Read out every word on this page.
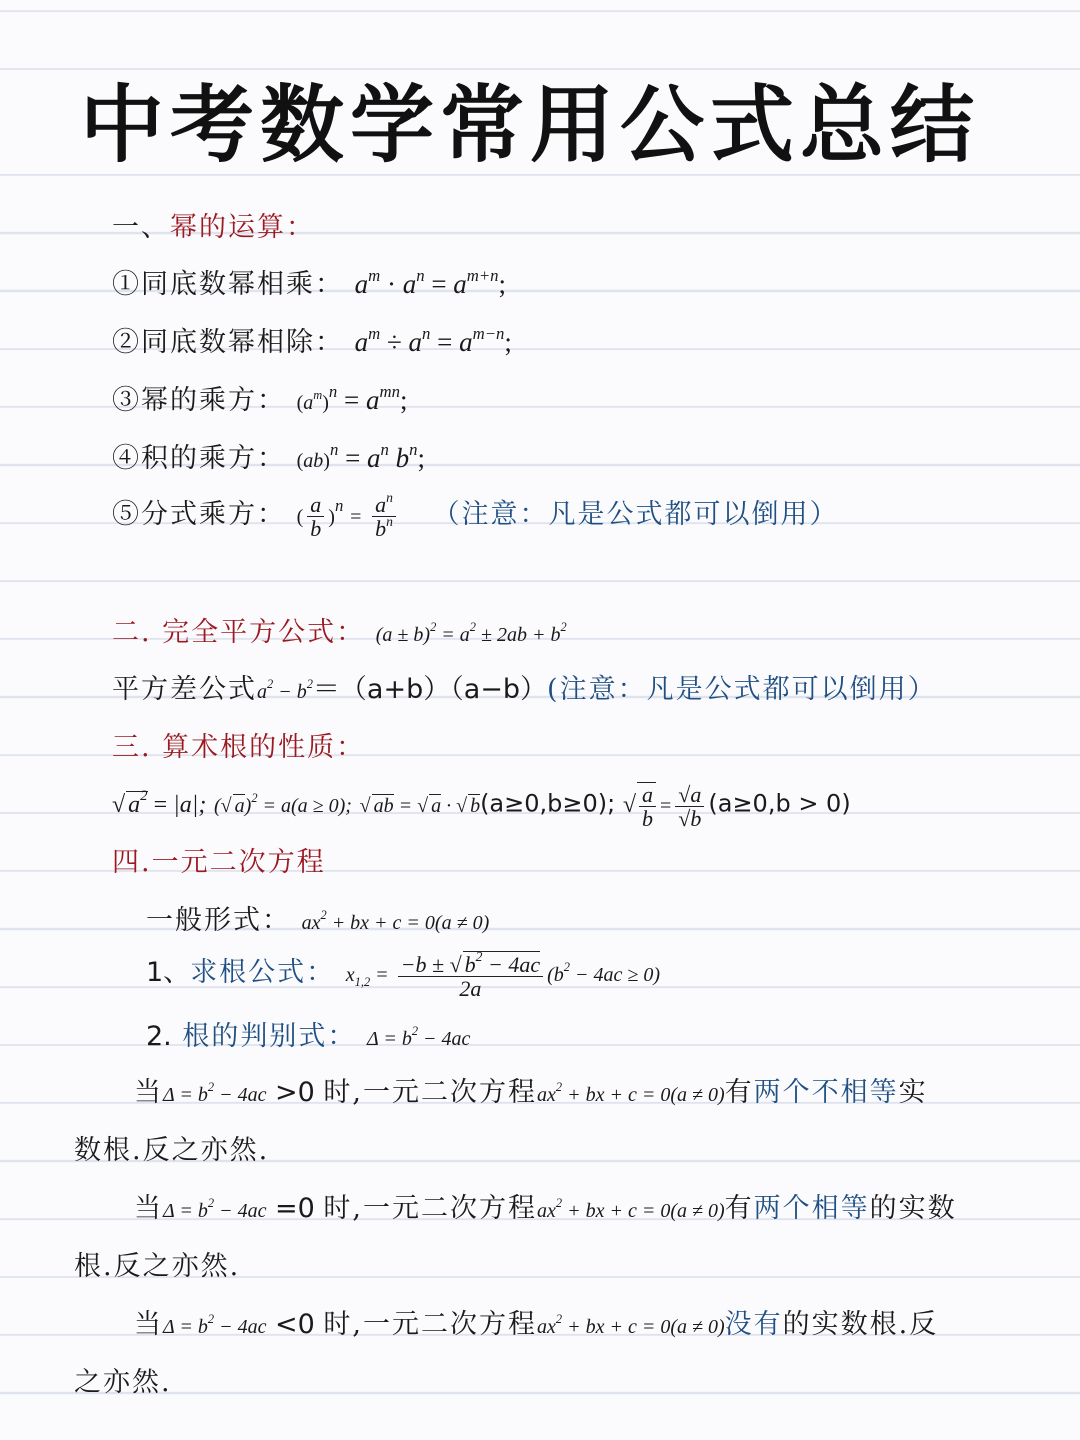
中考数学常用公式总结
一、幂的运算：
①同底数幂相乘： $a^m \cdot a^n = a^{m+n}$;
②同底数幂相除： $a^m \div a^n = a^{m-n}$;
③幂的乘方： $(a^m)^n = a^{mn}$;
④积的乘方： $(ab)^n = a^n$ $b^n$;
⑤分式乘方： ( $\frac{a}{b} )^n = \frac{a^n}{b^n}$ （注意：凡是公式都可以倒用）
二. 完全平方公式： $(a \pm b)^2 = a^2 \pm 2ab + b^2$
平方差公式$a^2 - b^2=(a+b)(a-b)$(注意：凡是公式都可以倒用）
三. 算术根的性质：
√ $a^2 = |a|$; (√ a)$^2$ = a(a ≥ 0); √ ab = √ a · √ b(a≥0,b≥0); √ $\frac{a}{b} = \frac{√a}{√b} (a\ge 0,b > 0)$
四.一元二次方程
一般形式： $ax^2$ + bx + c = 0(a ≠ 0)
1、求根公式： $x_{1,2} = \frac{-b \pm √ b^2 - 4ac}{2a} (b^2 - 4ac \ge 0)$
2. 根的判别式： $\Delta = b^2 - 4ac$
当$\Delta = b^2 - 4ac >0$ 时,一元二次方程$ax^2$ + bx + c = 0(a ≠ 0)有两个不相等实
数根.反之亦然.
当$\Delta = b^2 - 4ac =0$ 时,一元二次方程$ax^2$ + bx + c = 0(a ≠ 0)有两个相等的实数
根.反之亦然.
当$\Delta = b^2 - 4ac <0$ 时,一元二次方程$ax^2$ + bx + c = 0(a ≠ 0)没有的实数根.反
之亦然.
